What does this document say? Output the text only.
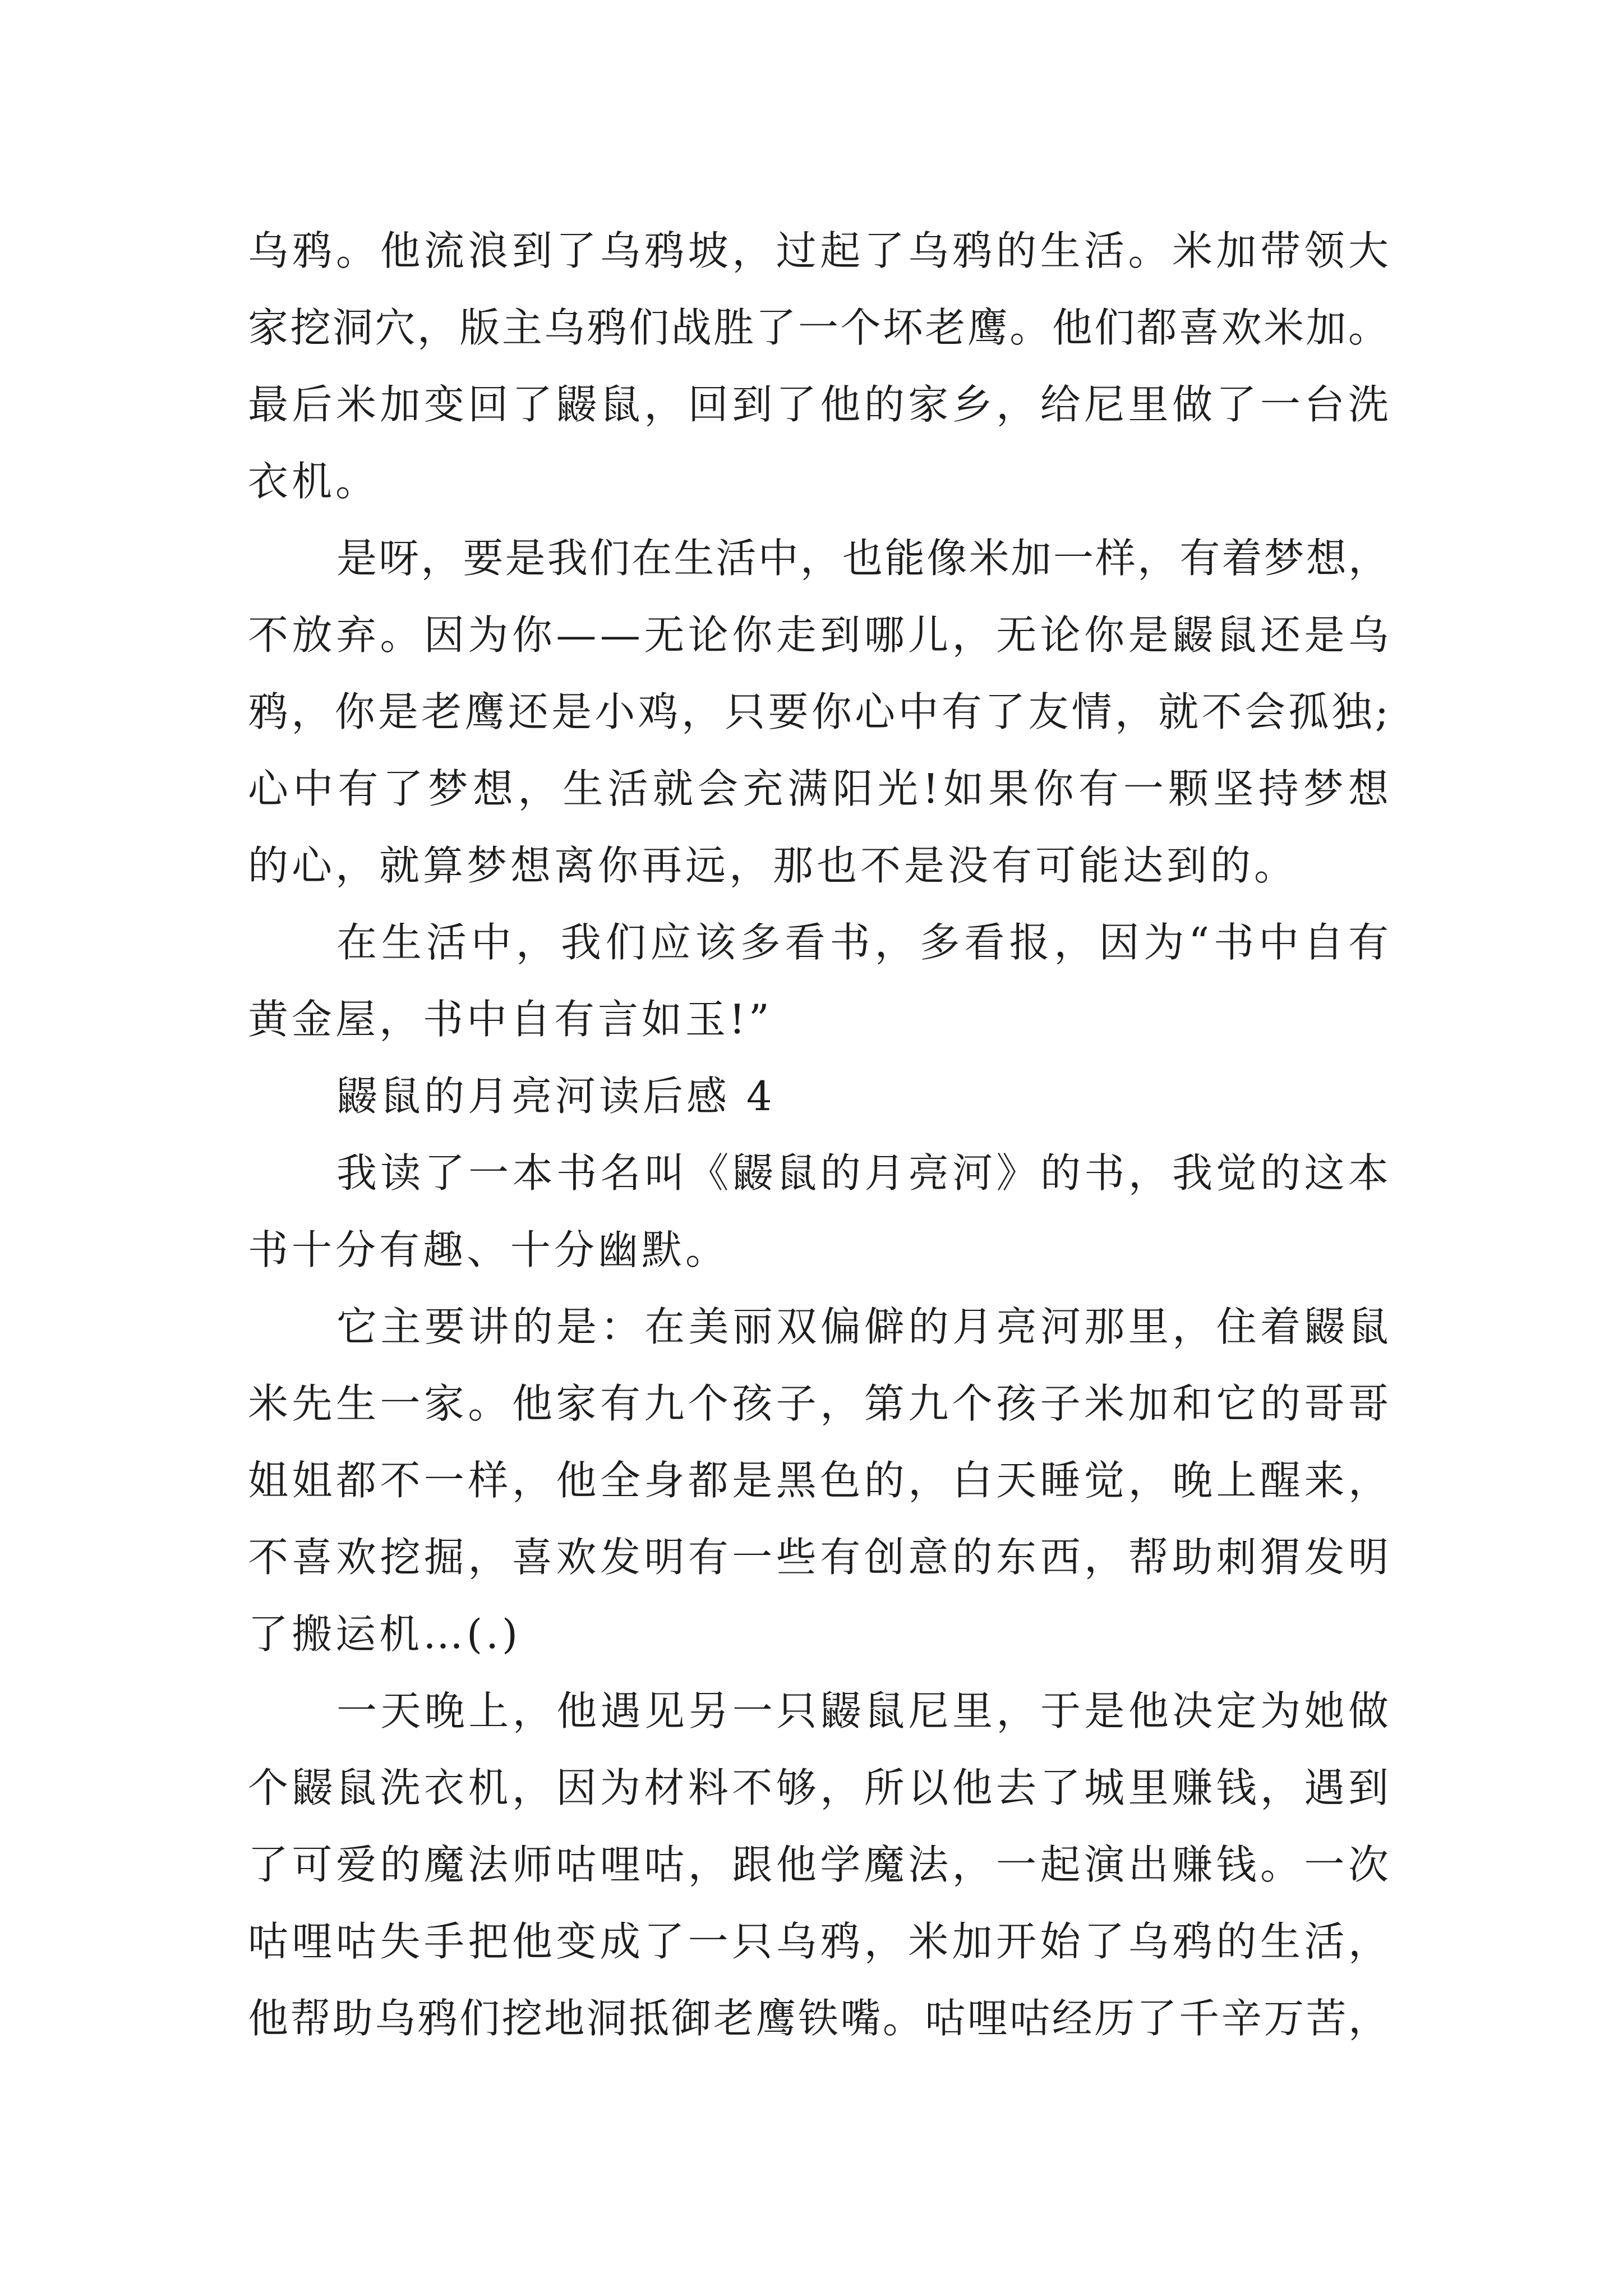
乌鸦。他流浪到了乌鸦坡，过起了乌鸦的生活。米加带领大
家挖洞穴，版主乌鸦们战胜了一个坏老鹰。他们都喜欢米加。
最后米加变回了鼹鼠，回到了他的家乡，给尼里做了一台洗
衣机。
是呀，要是我们在生活中，也能像米加一样，有着梦想，
不放弃。因为你——无论你走到哪儿，无论你是鼹鼠还是乌
鸦，你是老鹰还是小鸡，只要你心中有了友情，就不会孤独;
心中有了梦想，生活就会充满阳光!如果你有一颗坚持梦想
的心，就算梦想离你再远，那也不是没有可能达到的。
在生活中，我们应该多看书，多看报，因为“书中自有
黄金屋，书中自有言如玉!”
鼹鼠的月亮河读后感 4
我读了一本书名叫《鼹鼠的月亮河》的书，我觉的这本
书十分有趣、十分幽默。
它主要讲的是：在美丽双偏僻的月亮河那里，住着鼹鼠
米先生一家。他家有九个孩子，第九个孩子米加和它的哥哥
姐姐都不一样，他全身都是黑色的，白天睡觉，晚上醒来，
不喜欢挖掘，喜欢发明有一些有创意的东西，帮助刺猬发明
了搬运机…(.)
一天晚上，他遇见另一只鼹鼠尼里，于是他决定为她做
个鼹鼠洗衣机，因为材料不够，所以他去了城里赚钱，遇到
了可爱的魔法师咕哩咕，跟他学魔法，一起演出赚钱。一次
咕哩咕失手把他变成了一只乌鸦，米加开始了乌鸦的生活，
他帮助乌鸦们挖地洞抵御老鹰铁嘴。咕哩咕经历了千辛万苦，
